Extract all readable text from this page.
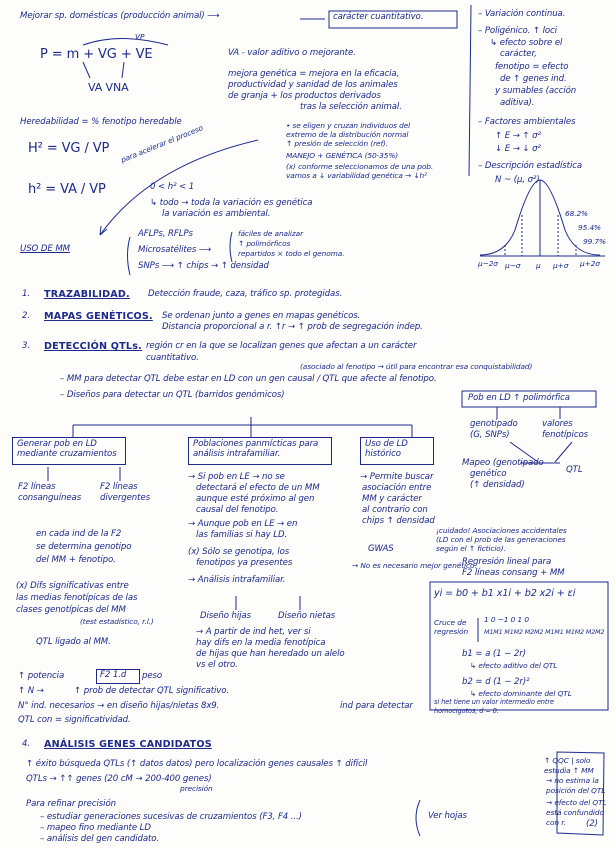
Mejorar sp. domésticas (producción animal) ⟶	carácter cuantitativo.
VP
P = m + VG + VE
VA VNA
VA - valor aditivo o mejorante.
mejora genética = mejora en la eficacia,
productividad y sanidad de los animales
de granja + los productos derivados
tras la selección animal.
Heredabilidad = % fenotipo heredable
H² = VG / VP
h² = VA / VP	0 < h² < 1
↳ todo → toda la variación es genética
la variación es ambiental.
para acelerar el proceso	• se eligen y cruzan individuos del
extremo de la distribución normal
↑ presión de selección (ref).
MANEJO + GENÉTICA (50-35%)
(x) conforme seleccionamos de una pob.
vamos a ↓ variabilidad genética → ↓h²
USO DE MM
AFLPs, RFLPs
Microsatélites ⟶
SNPs ⟶ ↑ chips → ↑ densidad
fáciles de analizar
↑ polimórficos
repartidos × todo el genoma.
– Variación continua.
– Poligénico. ↑ loci
↳ efecto sobre el
carácter,
fenotipo = efecto
de ↑ genes ind.
y sumables (acción
aditiva).
– Factores ambientales
↑ E → ↑ σ²
↓ E → ↓ σ²
– Descripción estadística
N ~ (μ, σ²)
μ−2σ μ−σ μ μ+σ μ+2σ
68.2%
95.4%
99.7%
1. TRAZABILIDAD. Detección fraude, caza, tráfico sp. protegidas.
2. MAPAS GENÉTICOS. Se ordenan junto a genes en mapas genéticos.
Distancia proporcional a r. ↑r → ↑ prob de segregación indep.
3. DETECCIÓN QTLs. región cr en la que se localizan genes que afectan a un carácter
cuantitativo.
(asociado al fenotipo → útil para encontrar esa conquistabilidad)
– MM para detectar QTL debe estar en LD con un gen causal / QTL que afecte al fenotipo.
– Diseños para detectar un QTL (barridos genómicos)	Pob en LD ↑ polimórfica
Generar pob en LD mediante cruzamientos
Poblaciones panmícticas para análisis intrafamiliar.
Uso de LD histórico
F2 líneas
consanguíneas
F2 líneas
divergentes
en cada ind de la F2
se determina genotipo
del MM + fenotipo.
(x) Difs significativas entre
las medias fenotípicas de las
clases genotípicas del MM
(test estadístico, r.l.)
QTL ligado al MM.
→ Si pob en LE → no se
detectará el efecto de un MM
aunque esté próximo al gen
causal del fenotipo.
→ Aunque pob en LE → en
las familias si hay LD.
(x) Sólo se genotipa, los
fenotipos ya presentes
→ Análisis intrafamiliar.
Diseño hijas	Diseño nietas
→ A partir de ind het, ver si
hay difs en la media fenotípica
de hijas que han heredado un alelo
vs el otro.
→ Permite buscar
asociación entre
MM y carácter
al contrario con
chips ↑ densidad
GWAS
→ No es necesario mejor genético.
genotipado
(G, SNPs)
valores
fenotípicos
Mapeo (genotipado
genético
(↑ densidad)
QTL
¡cuidado! Asociaciones accidentales
(LD con el prob de las generaciones
según el ↑ ficticio).
Regresión lineal para
F2 líneas consang + MM
yi = b0 + b1 x1i + b2 x2i + εi
Cruce de
regresión
1 0 −1 0 1 0
M1M1 M1M2 M2M2 M1M1 M1M2 M2M2
b1 = a (1 − 2r)
↳ efecto aditivo del QTL
b2 = d (1 − 2r)²
↳ efecto dominante del QTL
si het tiene un valor intermedio entre
homocigotos, d = 0.
↑ potencia	F2 1.d peso
↑ N →	↑ prob de detectar QTL significativo.
N° ind. necesarios → en diseño hijas/nietas 8x9.	ind para detectar
QTL con = significatividad.
4. ANÁLISIS GENES CANDIDATOS
↑ éxito búsqueda QTLs (↑ datos datos) pero localización genes causales ↑ difícil
QTLs → ↑↑ genes (20 cM → 200-400 genes)
precisión
Para refinar precisión
– estudiar generaciones sucesivas de cruzamientos (F3, F4 ...)
– mapeo fino mediante LD
– análisis del gen candidato.
Ver hojas
↑ QQC | solo
estudia ↑ MM
→ no estima la
posición del QTL
→ efecto del QTL
está confundido
con r. (2)
